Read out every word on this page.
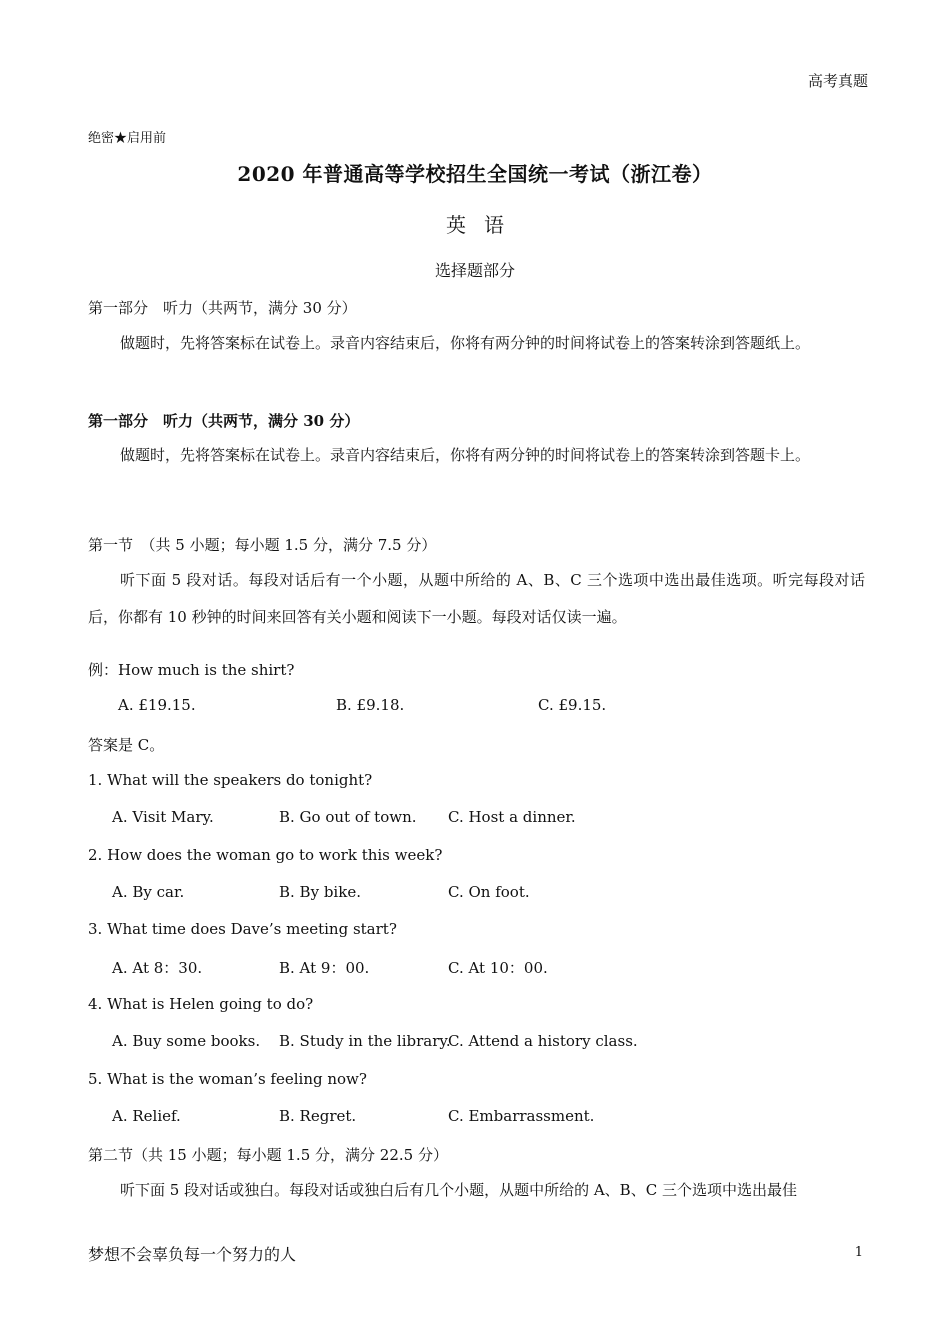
高考真题
绝密★启用前
2020 年普通高等学校招生全国统一考试（浙江卷）
英语
选择题部分
第一部分　听力（共两节，满分 30 分）
做题时，先将答案标在试卷上。录音内容结束后，你将有两分钟的时间将试卷上的答案转涂到答题纸上。
第一部分　听力（共两节，满分 30 分）
做题时，先将答案标在试卷上。录音内容结束后，你将有两分钟的时间将试卷上的答案转涂到答题卡上。
第一节　（共 5 小题；每小题 1.5 分，满分 7.5 分）
听下面 5 段对话。每段对话后有一个小题，从题中所给的 A、B、C 三个选项中选出最佳选项。听完每段对话后，你都有 10 秒钟的时间来回答有关小题和阅读下一小题。每段对话仅读一遍。
例：How much is the shirt?
A. £19.15.	B. £9.18.	C. £9.15.
答案是 C。
1. What will the speakers do tonight?
A. Visit Mary.	B. Go out of town. C. Host a dinner.
2. How does the woman go to work this week?
A. By car.	B. By bike.	C. On foot.
3. What time does Dave’s meeting start?
A. At 8：30.	B. At 9：00.	C. At 10：00.
4. What is Helen going to do?
A. Buy some books. B. Study in the library.
C. Attend a history class.
5. What is the woman’s feeling now?
A. Relief.	B. Regret.	C. Embarrassment.
第二节（共 15 小题；每小题 1.5 分，满分 22.5 分）
听下面 5 段对话或独白。每段对话或独白后有几个小题，从题中所给的 A、B、C 三个选项中选出最佳
梦想不会辜负每一个努力的人	1
